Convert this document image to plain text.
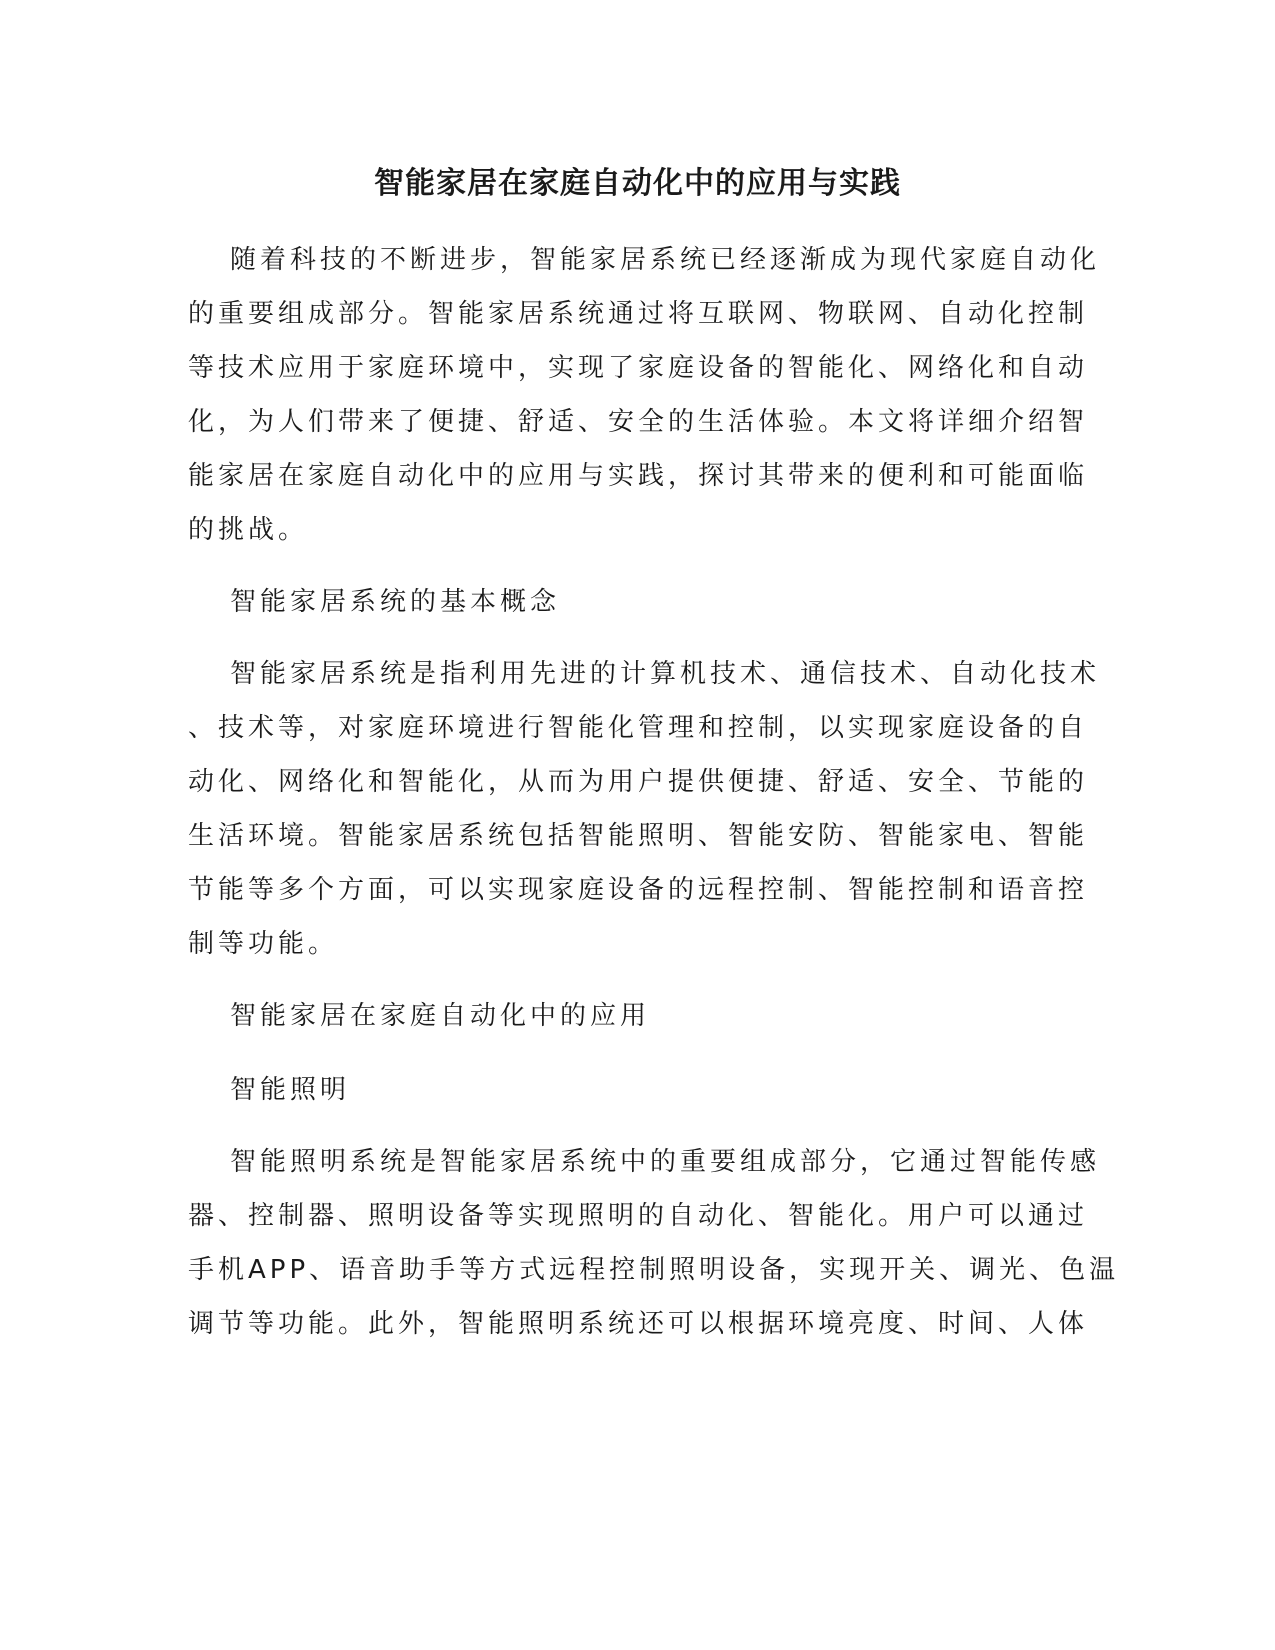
智能家居在家庭自动化中的应用与实践
随着科技的不断进步，智能家居系统已经逐渐成为现代家庭自动化
的重要组成部分。智能家居系统通过将互联网、物联网、自动化控制
等技术应用于家庭环境中，实现了家庭设备的智能化、网络化和自动
化，为人们带来了便捷、舒适、安全的生活体验。本文将详细介绍智
能家居在家庭自动化中的应用与实践，探讨其带来的便利和可能面临
的挑战。
智能家居系统的基本概念
智能家居系统是指利用先进的计算机技术、通信技术、自动化技术
、技术等，对家庭环境进行智能化管理和控制，以实现家庭设备的自
动化、网络化和智能化，从而为用户提供便捷、舒适、安全、节能的
生活环境。智能家居系统包括智能照明、智能安防、智能家电、智能
节能等多个方面，可以实现家庭设备的远程控制、智能控制和语音控
制等功能。
智能家居在家庭自动化中的应用
智能照明
智能照明系统是智能家居系统中的重要组成部分，它通过智能传感
器、控制器、照明设备等实现照明的自动化、智能化。用户可以通过
手机APP、语音助手等方式远程控制照明设备，实现开关、调光、色温
调节等功能。此外，智能照明系统还可以根据环境亮度、时间、人体
